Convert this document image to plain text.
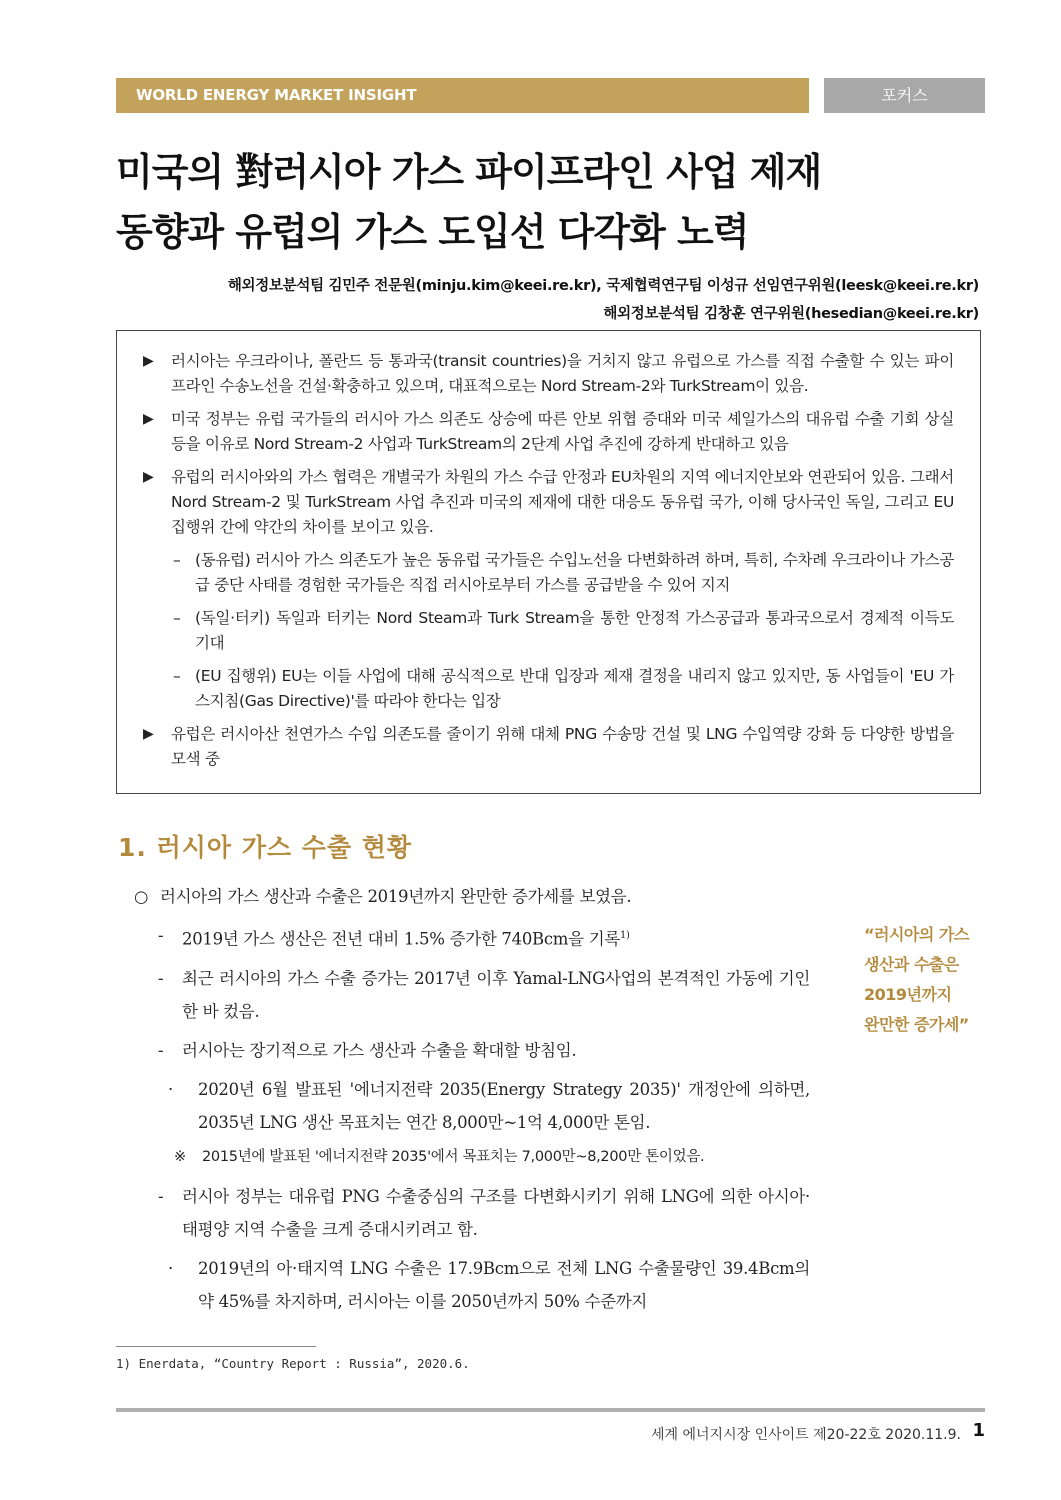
WORLD ENERGY MARKET INSIGHT	포커스
미국의 對러시아 가스 파이프라인 사업 제재
동향과 유럽의 가스 도입선 다각화 노력
해외정보분석팀 김민주 전문원(minju.kim@keei.re.kr), 국제협력연구팀 이성규 선임연구위원(leesk@keei.re.kr)
해외정보분석팀 김창훈 연구위원(hesedian@keei.re.kr)
▶	러시아는 우크라이나, 폴란드 등 통과국(transit countries)을 거치지 않고 유럽으로 가스를 직접 수출할 수 있는 파이프라인 수송노선을 건설·확충하고 있으며, 대표적으로는 Nord Stream-2와 TurkStream이 있음.
▶	미국 정부는 유럽 국가들의 러시아 가스 의존도 상승에 따른 안보 위협 증대와 미국 셰일가스의 대유럽 수출 기회 상실 등을 이유로 Nord Stream-2 사업과 TurkStream의 2단계 사업 추진에 강하게 반대하고 있음
▶	유럽의 러시아와의 가스 협력은 개별국가 차원의 가스 수급 안정과 EU차원의 지역 에너지안보와 연관되어 있음. 그래서 Nord Stream-2 및 TurkStream 사업 추진과 미국의 제재에 대한 대응도 동유럽 국가, 이해 당사국인 독일, 그리고 EU 집행위 간에 약간의 차이를 보이고 있음.
– (동유럽) 러시아 가스 의존도가 높은 동유럽 국가들은 수입노선을 다변화하려 하며, 특히, 수차례 우크라이나 가스공급 중단 사태를 경험한 국가들은 직접 러시아로부터 가스를 공급받을 수 있어 지지
– (독일·터키) 독일과 터키는 Nord Steam과 Turk Stream을 통한 안정적 가스공급과 통과국으로서 경제적 이득도 기대
– (EU 집행위) EU는 이들 사업에 대해 공식적으로 반대 입장과 제재 결정을 내리지 않고 있지만, 동 사업들이 'EU 가스지침(Gas Directive)'를 따라야 한다는 입장
▶	유럽은 러시아산 천연가스 수입 의존도를 줄이기 위해 대체 PNG 수송망 건설 및 LNG 수입역량 강화 등 다양한 방법을 모색 중
1. 러시아 가스 수출 현황
○ 러시아의 가스 생산과 수출은 2019년까지 완만한 증가세를 보였음.
-	2019년 가스 생산은 전년 대비 1.5% 증가한 740Bcm을 기록$^{1)}$
-	최근 러시아의 가스 수출 증가는 2017년 이후 Yamal-LNG사업의 본격적인 가동에 기인한 바 컸음.
-	러시아는 장기적으로 가스 생산과 수출을 확대할 방침임.
·	2020년 6월 발표된 '에너지전략 2035(Energy Strategy 2035)' 개정안에 의하면, 2035년 LNG 생산 목표치는 연간 8,000만~1억 4,000만 톤임.
※	2015년에 발표된 '에너지전략 2035'에서 목표치는 7,000만~8,200만 톤이었음.
-	러시아 정부는 대유럽 PNG 수출중심의 구조를 다변화시키기 위해 LNG에 의한 아시아·태평양 지역 수출을 크게 증대시키려고 함.
·	2019년의 아·태지역 LNG 수출은 17.9Bcm으로 전체 LNG 수출물량인 39.4Bcm의 약 45%를 차지하며, 러시아는 이를 2050년까지 50% 수준까지
“러시아의 가스
생산과 수출은
2019년까지
완만한 증가세”
1) Enerdata, “Country Report : Russia”, 2020.6.
세계 에너지시장 인사이트 제20-22호 2020.11.9. 1
